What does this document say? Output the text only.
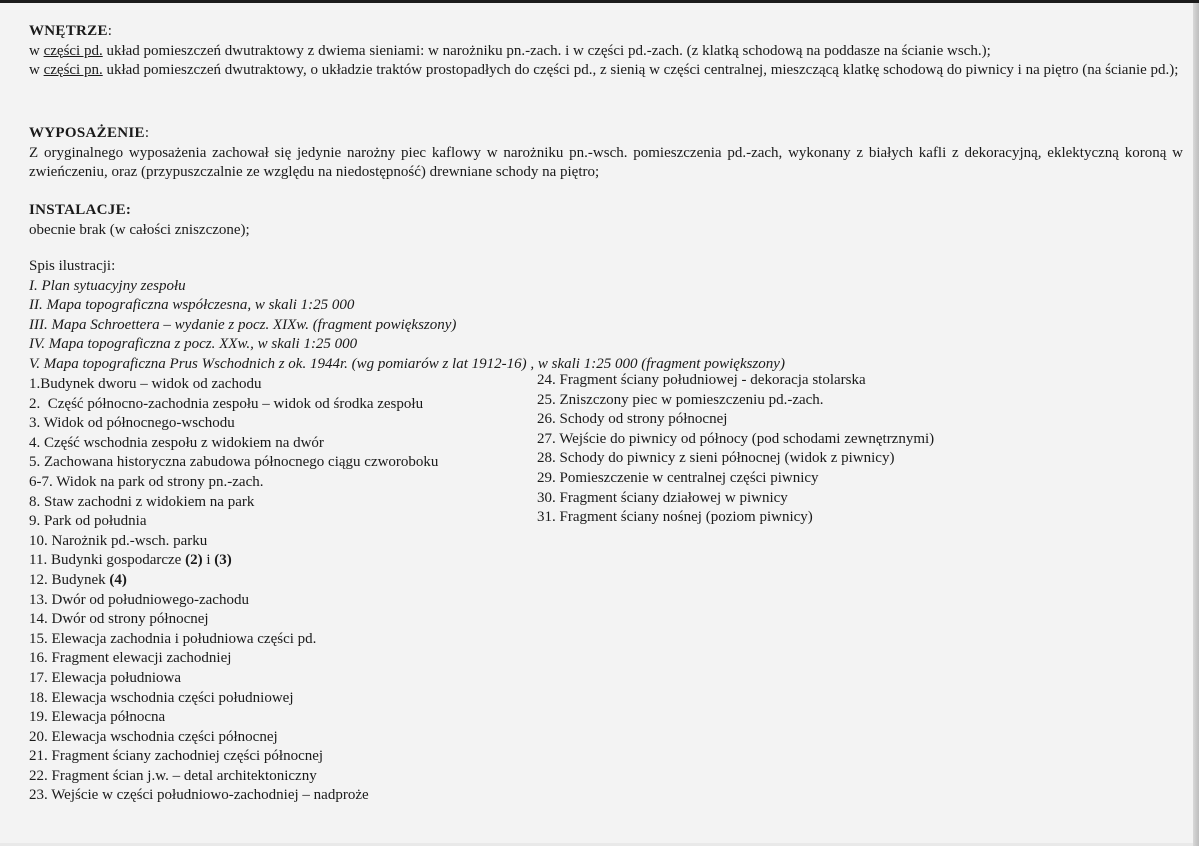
WNĘTRZE:

w części pd. układ pomieszczeń dwutraktowy z dwiema sieniami: w narożniku pn.-zach. i w części pd.-zach. (z klatką schodową na poddasze na ścianie wsch.);

w części pn. układ pomieszczeń dwutraktowy, o układzie traktów prostopadłych do części pd., z sienią w części centralnej, mieszczącą klatkę schodową do piwnicy i na piętro (na ścianie pd.);

WYPOSAŻENIE:

Z oryginalnego wyposażenia zachował się jedynie narożny piec kaflowy w narożniku pn.-wsch. pomieszczenia pd.-zach, wykonany z białych kafli z dekoracyjną, eklektyczną koroną w zwieńczeniu, oraz (przypuszczalnie ze względu na niedostępność) drewniane schody na piętro;

INSTALACJE:

obecnie brak (w całości zniszczone);

Spis ilustracji:

I. Plan sytuacyjny zespołu

II. Mapa topograficzna współczesna, w skali 1:25 000

III. Mapa Schroettera – wydanie z pocz. XIXw. (fragment powiększony)

IV. Mapa topograficzna z pocz. XXw., w skali 1:25 000

V. Mapa topograficzna Prus Wschodnich z ok. 1944r. (wg pomiarów z lat 1912-16) , w skali 1:25 000 (fragment powiększony)

1.Budynek dworu – widok od zachodu
2.  Część północno-zachodnia zespołu – widok od środka zespołu
3. Widok od północnego-wschodu
4. Część wschodnia zespołu z widokiem na dwór
5. Zachowana historyczna zabudowa północnego ciągu czworoboku
6-7. Widok na park od strony pn.-zach.
8. Staw zachodni z widokiem na park
9. Park od południa
10. Narożnik pd.-wsch. parku
11. Budynki gospodarcze (2) i (3)
12. Budynek (4)
13. Dwór od południowego-zachodu
14. Dwór od strony północnej
15. Elewacja zachodnia i południowa części pd.
16. Fragment elewacji zachodniej
17. Elewacja południowa
18. Elewacja wschodnia części południowej
19. Elewacja północna
20. Elewacja wschodnia części północnej
21. Fragment ściany zachodniej części północnej
22. Fragment ścian j.w. – detal architektoniczny
23. Wejście w części południowo-zachodniej – nadproże
24. Fragment ściany południowej - dekoracja stolarska
25. Zniszczony piec w pomieszczeniu pd.-zach.
26. Schody od strony północnej
27. Wejście do piwnicy od północy (pod schodami zewnętrznymi)
28. Schody do piwnicy z sieni północnej (widok z piwnicy)
29. Pomieszczenie w centralnej części piwnicy
30. Fragment ściany działowej w piwnicy
31. Fragment ściany nośnej (poziom piwnicy)
